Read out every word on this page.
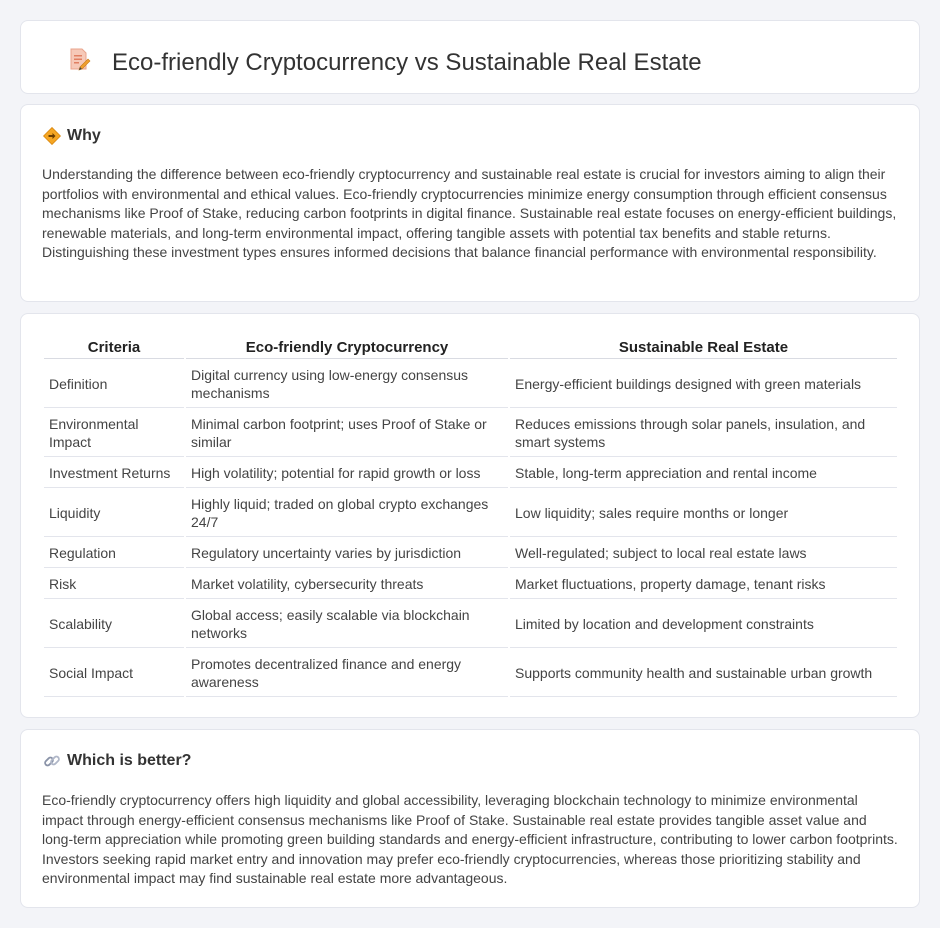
Eco-friendly Cryptocurrency vs Sustainable Real Estate
Why

Understanding the difference between eco-friendly cryptocurrency and sustainable real estate is crucial for investors aiming to align their portfolios with environmental and ethical values. Eco-friendly cryptocurrencies minimize energy consumption through efficient consensus mechanisms like Proof of Stake, reducing carbon footprints in digital finance. Sustainable real estate focuses on energy-efficient buildings, renewable materials, and long-term environmental impact, offering tangible assets with potential tax benefits and stable returns. Distinguishing these investment types ensures informed decisions that balance financial performance with environmental responsibility.

Criteria	Eco-friendly Cryptocurrency	Sustainable Real Estate
Definition	Digital currency using low-energy consensus mechanisms	Energy-efficient buildings designed with green materials
Environmental Impact	Minimal carbon footprint; uses Proof of Stake or similar	Reduces emissions through solar panels, insulation, and smart systems
Investment Returns	High volatility; potential for rapid growth or loss	Stable, long-term appreciation and rental income
Liquidity	Highly liquid; traded on global crypto exchanges 24/7	Low liquidity; sales require months or longer
Regulation	Regulatory uncertainty varies by jurisdiction	Well-regulated; subject to local real estate laws
Risk	Market volatility, cybersecurity threats	Market fluctuations, property damage, tenant risks
Scalability	Global access; easily scalable via blockchain networks	Limited by location and development constraints
Social Impact	Promotes decentralized finance and energy awareness	Supports community health and sustainable urban growth
Which is better?

Eco-friendly cryptocurrency offers high liquidity and global accessibility, leveraging blockchain technology to minimize environmental impact through energy-efficient consensus mechanisms like Proof of Stake. Sustainable real estate provides tangible asset value and long-term appreciation while promoting green building standards and energy-efficient infrastructure, contributing to lower carbon footprints. Investors seeking rapid market entry and innovation may prefer eco-friendly cryptocurrencies, whereas those prioritizing stability and environmental impact may find sustainable real estate more advantageous.
